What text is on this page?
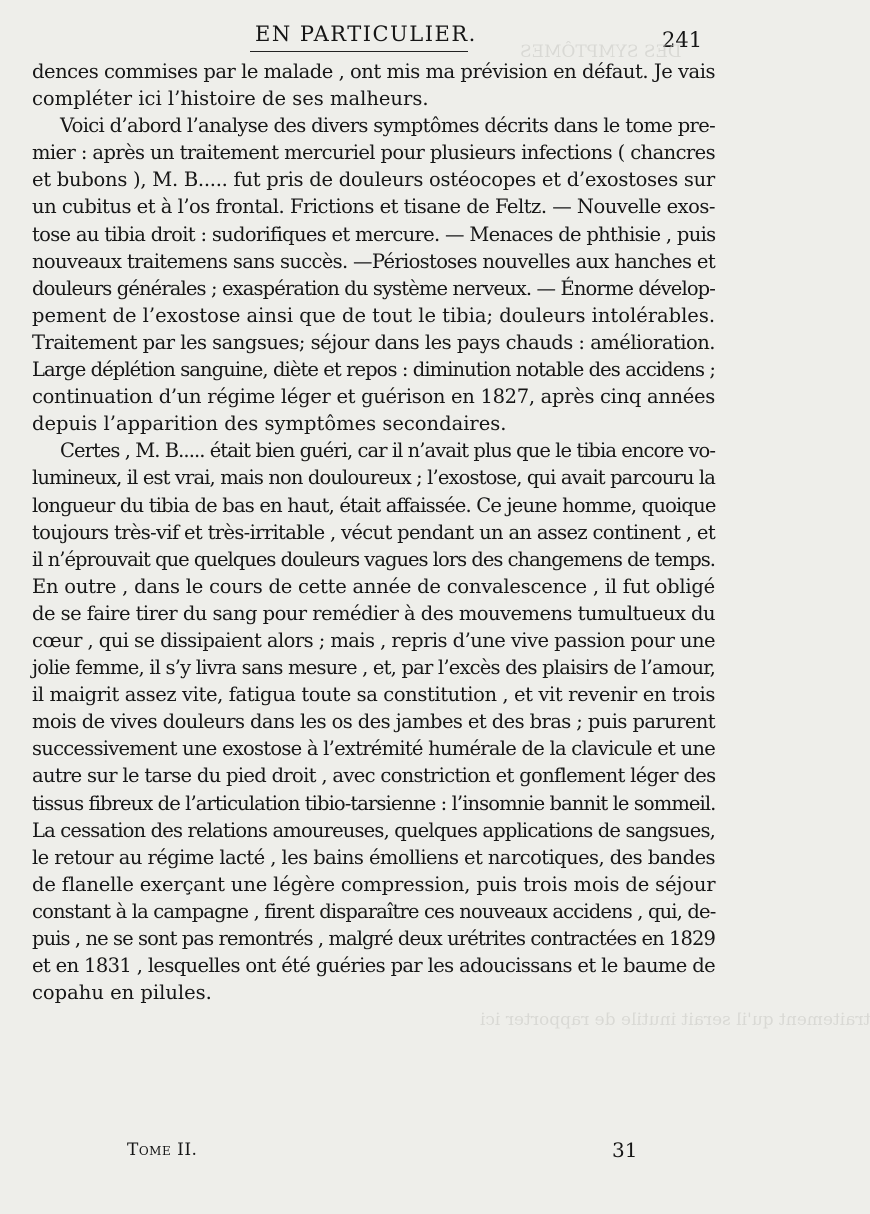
EN PARTICULIER.	241
DES SYMPTÔMES
traitement qu'il serait inutile de rapporter ici

dences commises par le malade , ont mis ma prévision en défaut. Je vais
compléter ici l’histoire de ses malheurs.

Voici d’abord l’analyse des divers symptômes décrits dans le tome pre-
mier : après un traitement mercuriel pour plusieurs infections ( chancres
et bubons ), M. B..... fut pris de douleurs ostéocopes et d’exostoses sur
un cubitus et à l’os frontal. Frictions et tisane de Feltz. — Nouvelle exos-
tose au tibia droit : sudorifiques et mercure. — Menaces de phthisie , puis
nouveaux traitemens sans succès. —Périostoses nouvelles aux hanches et
douleurs générales ; exaspération du système nerveux. — Énorme dévelop-
pement de l’exostose ainsi que de tout le tibia; douleurs intolérables.
Traitement par les sangsues; séjour dans les pays chauds : amélioration.
Large déplétion sanguine, diète et repos : diminution notable des accidens ;
continuation d’un régime léger et guérison en 1827, après cinq années
depuis l’apparition des symptômes secondaires.

Certes , M. B..... était bien guéri, car il n’avait plus que le tibia encore vo-
lumineux, il est vrai, mais non douloureux ; l’exostose, qui avait parcouru la
longueur du tibia de bas en haut, était affaissée. Ce jeune homme, quoique
toujours très-vif et très-irritable , vécut pendant un an assez continent , et
il n’éprouvait que quelques douleurs vagues lors des changemens de temps.
En outre , dans le cours de cette année de convalescence , il fut obligé
de se faire tirer du sang pour remédier à des mouvemens tumultueux du
cœur , qui se dissipaient alors ; mais , repris d’une vive passion pour une
jolie femme, il s’y livra sans mesure , et, par l’excès des plaisirs de l’amour,
il maigrit assez vite, fatigua toute sa constitution , et vit revenir en trois
mois de vives douleurs dans les os des jambes et des bras ; puis parurent
successivement une exostose à l’extrémité humérale de la clavicule et une
autre sur le tarse du pied droit , avec constriction et gonflement léger des
tissus fibreux de l’articulation tibio-tarsienne : l’insomnie bannit le sommeil.
La cessation des relations amoureuses, quelques applications de sangsues,
le retour au régime lacté , les bains émolliens et narcotiques, des bandes
de flanelle exerçant une légère compression, puis trois mois de séjour
constant à la campagne , firent disparaître ces nouveaux accidens , qui, de-
puis , ne se sont pas remontrés , malgré deux urétrites contractées en 1829
et en 1831 , lesquelles ont été guéries par les adoucissans et le baume de
copahu en pilules.

Tome II.	31
